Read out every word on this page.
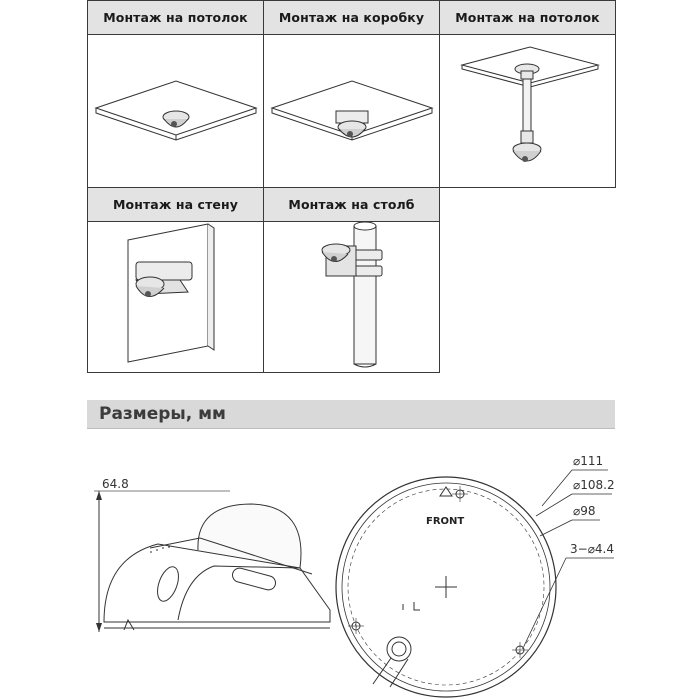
Монтаж на потолок	Монтаж на коробку	Монтаж на потолок
Монтаж на стену	Монтаж на столб
Размеры, мм
64.8
FRONT
⌀111
⌀108.2
⌀98
3−⌀4.4
